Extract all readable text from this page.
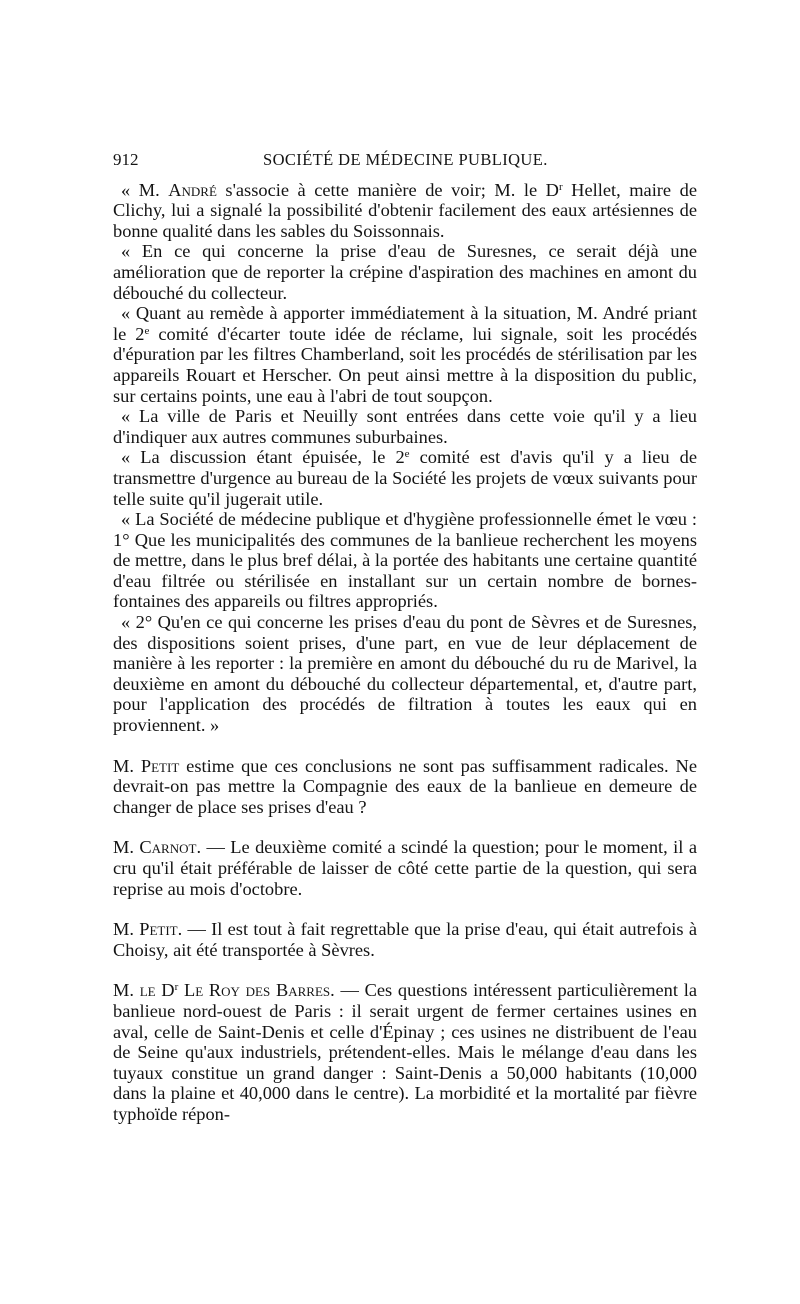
912	SOCIÉTÉ DE MÉDECINE PUBLIQUE.
« M. André s'associe à cette manière de voir; M. le $D^r$ Hellet, maire de Clichy, lui a signalé la possibilité d'obtenir facilement des eaux artésiennes de bonne qualité dans les sables du Soissonnais.
« En ce qui concerne la prise d'eau de Suresnes, ce serait déjà une amélioration que de reporter la crépine d'aspiration des machines en amont du débouché du collecteur.
« Quant au remède à apporter immédiatement à la situation, M. André priant le 2e comité d'écarter toute idée de réclame, lui signale, soit les procédés d'épuration par les filtres Chamberland, soit les procédés de stérilisation par les appareils Rouart et Herscher. On peut ainsi mettre à la disposition du public, sur certains points, une eau à l'abri de tout soupçon.
« La ville de Paris et Neuilly sont entrées dans cette voie qu'il y a lieu d'indiquer aux autres communes suburbaines.
« La discussion étant épuisée, le 2e comité est d'avis qu'il y a lieu de transmettre d'urgence au bureau de la Société les projets de vœux suivants pour telle suite qu'il jugerait utile.
« La Société de médecine publique et d'hygiène professionnelle émet le vœu : 1° Que les municipalités des communes de la banlieue recherchent les moyens de mettre, dans le plus bref délai, à la portée des habitants une certaine quantité d'eau filtrée ou stérilisée en installant sur un certain nombre de bornes-fontaines des appareils ou filtres appropriés.
« 2° Qu'en ce qui concerne les prises d'eau du pont de Sèvres et de Suresnes, des dispositions soient prises, d'une part, en vue de leur déplacement de manière à les reporter : la première en amont du débouché du ru de Marivel, la deuxième en amont du débouché du collecteur départemental, et, d'autre part, pour l'application des procédés de filtration à toutes les eaux qui en proviennent. »
M. Petit estime que ces conclusions ne sont pas suffisamment radicales. Ne devrait-on pas mettre la Compagnie des eaux de la banlieue en demeure de changer de place ses prises d'eau ?
M. Carnot. — Le deuxième comité a scindé la question; pour le moment, il a cru qu'il était préférable de laisser de côté cette partie de la question, qui sera reprise au mois d'octobre.
M. Petit. — Il est tout à fait regrettable que la prise d'eau, qui était autrefois à Choisy, ait été transportée à Sèvres.
M. le $D^r$ Le Roy des Barres. — Ces questions intéressent particulièrement la banlieue nord-ouest de Paris : il serait urgent de fermer certaines usines en aval, celle de Saint-Denis et celle d'Épinay ; ces usines ne distribuent de l'eau de Seine qu'aux industriels, prétendent-elles. Mais le mélange d'eau dans les tuyaux constitue un grand danger : Saint-Denis a 50,000 habitants (10,000 dans la plaine et 40,000 dans le centre). La morbidité et la mortalité par fièvre typhoïde répon-
